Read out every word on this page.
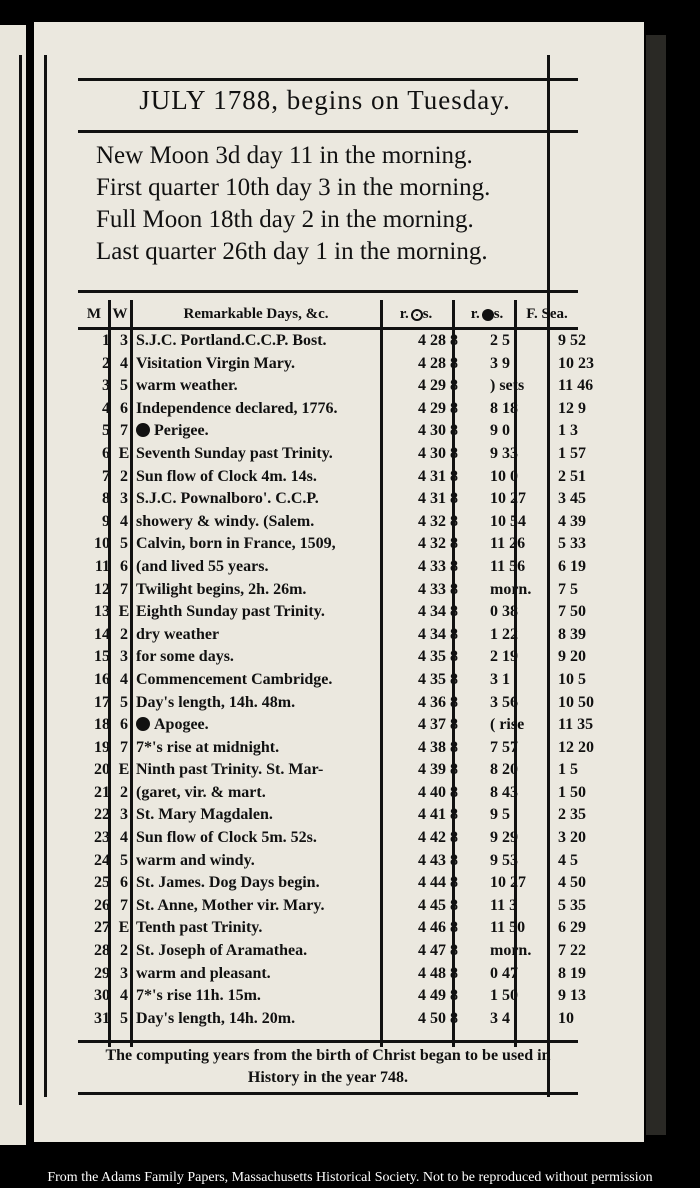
JULY 1788, begins on Tuesday.
New Moon 3d day 11 in the morning.
First quarter 10th day 3 in the morning.
Full Moon 18th day 2 in the morning.
Last quarter 26th day 1 in the morning.
M W	Remarkable Days, &c.	r. s.	r. s.	F. Sea.
1 3 S.J.C. Portland.C.C.P. Bost.	4 28 8	2 5	9 52
2 4 Visitation Virgin Mary.	4 28 8	3 9	10 23
3 5 warm weather.	4 29 8	) sets	11 46
4 6 Independence declared, 1776.	4 29 8	8 18	12 9
5 7	Perigee.	4 30 8	9 0	1 3
6 E Seventh Sunday past Trinity.	4 30 8	9 33	1 57
7 2 Sun flow of Clock 4m. 14s.	4 31 8	10 0	2 51
8 3 S.J.C. Pownalboro'. C.C.P.	4 31 8	10 27	3 45
9 4 showery & windy. (Salem.	4 32 8	10 54	4 39
10 5 Calvin, born in France, 1509,	4 32 8	11 26	5 33
11 6 (and lived 55 years.	4 33 8	11 56	6 19
12 7 Twilight begins, 2h. 26m.	4 33 8	morn.	7 5
13 E Eighth Sunday past Trinity.	4 34 8	0 38	7 50
14 2 dry weather	4 34 8	1 22	8 39
15 3 for some days.	4 35 8	2 19	9 20
16 4 Commencement Cambridge.	4 35 8	3 1	10 5
17 5 Day's length, 14h. 48m.	4 36 8	3 56	10 50
18 6	Apogee.	4 37 8	( rise	11 35
19 7 7*'s rise at midnight.	4 38 8	7 57	12 20
20 E Ninth past Trinity. St. Mar-	4 39 8	8 20	1 5
21 2 (garet, vir. & mart.	4 40 8	8 43	1 50
22 3 St. Mary Magdalen.	4 41 8	9 5	2 35
23 4 Sun flow of Clock 5m. 52s.	4 42 8	9 29	3 20
24 5 warm and windy.	4 43 8	9 53	4 5
25 6 St. James. Dog Days begin.	4 44 8	10 27	4 50
26 7 St. Anne, Mother vir. Mary.	4 45 8	11 3	5 35
27 E Tenth past Trinity.	4 46 8	11 50	6 29
28 2 St. Joseph of Aramathea.	4 47 8	morn.	7 22
29 3 warm and pleasant.	4 48 8	0 47	8 19
30 4 7*'s rise 11h. 15m.	4 49 8	1 50	9 13
31 5 Day's length, 14h. 20m.	4 50 8	3 4	10
The computing years from the birth of Christ began to be used in History in the year 748.
From the Adams Family Papers, Massachusetts Historical Society. Not to be reproduced without permission
